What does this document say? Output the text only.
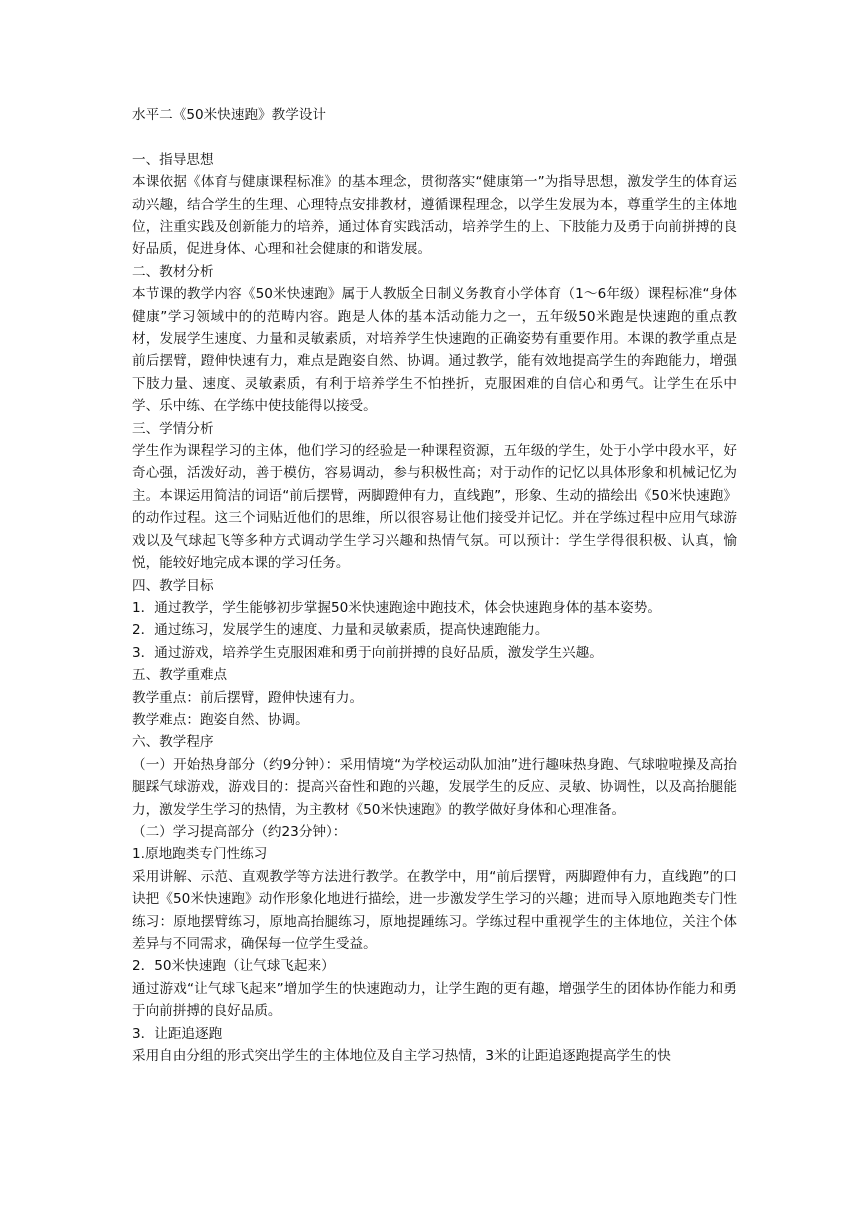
水平二《50米快速跑》教学设计
一、指导思想

本课依据《体育与健康课程标准》的基本理念，贯彻落实“健康第一”为指导思想，激发学生的体育运动兴趣，结合学生的生理、心理特点安排教材，遵循课程理念，以学生发展为本，尊重学生的主体地位，注重实践及创新能力的培养，通过体育实践活动，培养学生的上、下肢能力及勇于向前拼搏的良好品质，促进身体、心理和社会健康的和谐发展。

二、教材分析

本节课的教学内容《50米快速跑》属于人教版全日制义务教育小学体育（1～6年级）课程标准“身体健康”学习领域中的的范畴内容。跑是人体的基本活动能力之一，五年级50米跑是快速跑的重点教材，发展学生速度、力量和灵敏素质，对培养学生快速跑的正确姿势有重要作用。本课的教学重点是前后摆臂，蹬伸快速有力，难点是跑姿自然、协调。通过教学，能有效地提高学生的奔跑能力，增强下肢力量、速度、灵敏素质，有利于培养学生不怕挫折，克服困难的自信心和勇气。让学生在乐中学、乐中练、在学练中使技能得以接受。

三、学情分析

学生作为课程学习的主体，他们学习的经验是一种课程资源，五年级的学生，处于小学中段水平，好奇心强，活泼好动，善于模仿，容易调动，参与积极性高；对于动作的记忆以具体形象和机械记忆为主。本课运用简洁的词语“前后摆臂，两脚蹬伸有力，直线跑”，形象、生动的描绘出《50米快速跑》的动作过程。这三个词贴近他们的思维，所以很容易让他们接受并记忆。并在学练过程中应用气球游戏以及气球起飞等多种方式调动学生学习兴趣和热情气氛。可以预计：学生学得很积极、认真，愉悦，能较好地完成本课的学习任务。

四、教学目标

1．通过教学，学生能够初步掌握50米快速跑途中跑技术，体会快速跑身体的基本姿势。

2．通过练习，发展学生的速度、力量和灵敏素质，提高快速跑能力。

3．通过游戏，培养学生克服困难和勇于向前拼搏的良好品质，激发学生兴趣。

五、教学重难点

教学重点：前后摆臂，蹬伸快速有力。

教学难点：跑姿自然、协调。

六、教学程序

（一）开始热身部分（约9分钟）：采用情境“为学校运动队加油”进行趣味热身跑、气球啦啦操及高抬腿踩气球游戏，游戏目的：提高兴奋性和跑的兴趣，发展学生的反应、灵敏、协调性，以及高抬腿能力，激发学生学习的热情，为主教材《50米快速跑》的教学做好身体和心理准备。

（二）学习提高部分（约23分钟）：

1.原地跑类专门性练习

采用讲解、示范、直观教学等方法进行教学。在教学中，用“前后摆臂，两脚蹬伸有力，直线跑”的口诀把《50米快速跑》动作形象化地进行描绘，进一步激发学生学习的兴趣；进而导入原地跑类专门性练习：原地摆臂练习，原地高抬腿练习，原地提踵练习。学练过程中重视学生的主体地位，关注个体差异与不同需求，确保每一位学生受益。

2．50米快速跑（让气球飞起来）

通过游戏“让气球飞起来”增加学生的快速跑动力，让学生跑的更有趣，增强学生的团体协作能力和勇于向前拼搏的良好品质。

3．让距追逐跑

采用自由分组的形式突出学生的主体地位及自主学习热情，3米的让距追逐跑提高学生的快
